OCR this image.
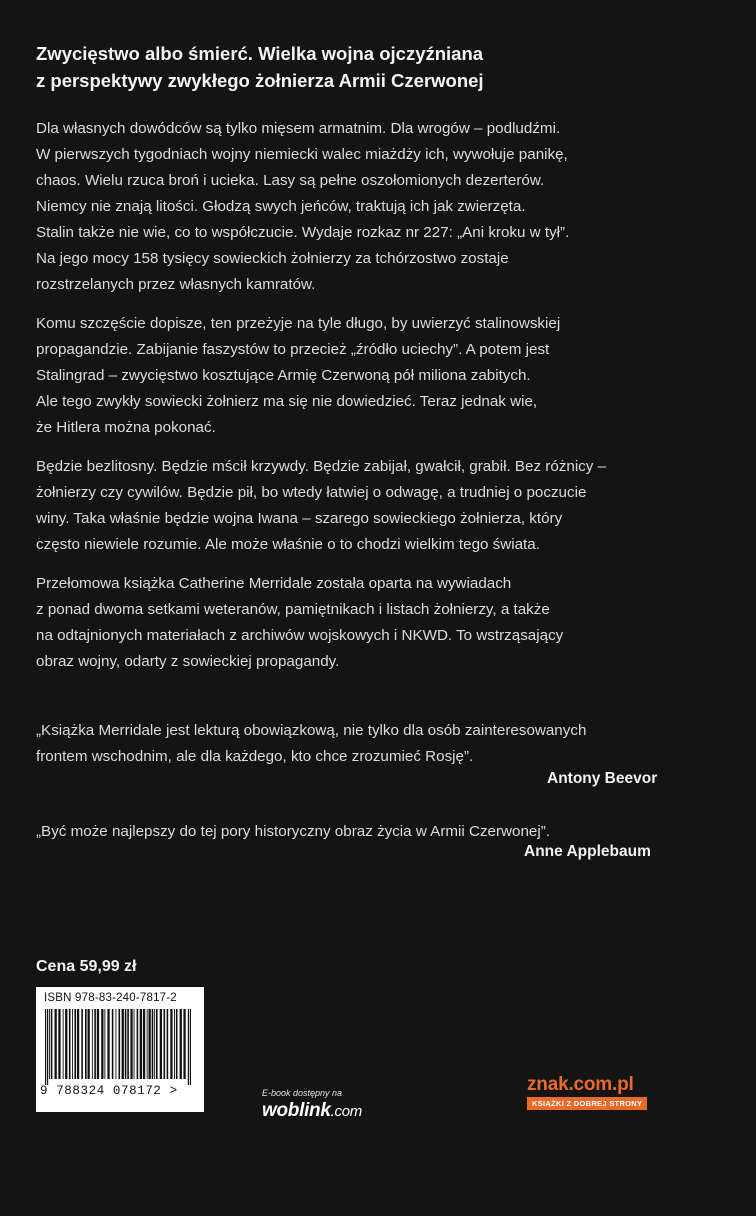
Zwycięstwo albo śmierć. Wielka wojna ojczyźniana
z perspektywy zwykłego żołnierza Armii Czerwonej
Dla własnych dowódców są tylko mięsem armatnim. Dla wrogów – podludźmi.
W pierwszych tygodniach wojny niemiecki walec miażdży ich, wywołuje panikę,
chaos. Wielu rzuca broń i ucieka. Lasy są pełne oszołomionych dezerterów.
Niemcy nie znają litości. Głodzą swych jeńców, traktują ich jak zwierzęta.
Stalin także nie wie, co to współczucie. Wydaje rozkaz nr 227: „Ani kroku w tył”.
Na jego mocy 158 tysięcy sowieckich żołnierzy za tchórzostwo zostaje
rozstrzelanych przez własnych kamratów.
Komu szczęście dopisze, ten przeżyje na tyle długo, by uwierzyć stalinowskiej
propagandzie. Zabijanie faszystów to przecież „źródło uciechy”. A potem jest
Stalingrad – zwycięstwo kosztujące Armię Czerwoną pół miliona zabitych.
Ale tego zwykły sowiecki żołnierz ma się nie dowiedzieć. Teraz jednak wie,
że Hitlera można pokonać.
Będzie bezlitosny. Będzie mścił krzywdy. Będzie zabijał, gwałcił, grabił. Bez różnicy –
żołnierzy czy cywilów. Będzie pił, bo wtedy łatwiej o odwagę, a trudniej o poczucie
winy. Taka właśnie będzie wojna Iwana – szarego sowieckiego żołnierza, który
często niewiele rozumie. Ale może właśnie o to chodzi wielkim tego świata.
Przełomowa książka Catherine Merridale została oparta na wywiadach
z ponad dwoma setkami weteranów, pamiętnikach i listach żołnierzy, a także
na odtajnionych materiałach z archiwów wojskowych i NKWD. To wstrząsający
obraz wojny, odarty z sowieckiej propagandy.
„Książka Merridale jest lekturą obowiązkową, nie tylko dla osób zainteresowanych
frontem wschodnim, ale dla każdego, kto chce zrozumieć Rosję”.
Antony Beevor
„Być może najlepszy do tej pory historyczny obraz życia w Armii Czerwonej”.
Anne Applebaum
Cena 59,99 zł
ISBN 978-83-240-7817-2
9 788324 078172 >	E-book dostępny na
woblink.com
znak.com.pl
KSIĄŻKI Z DOBREJ STRONY
